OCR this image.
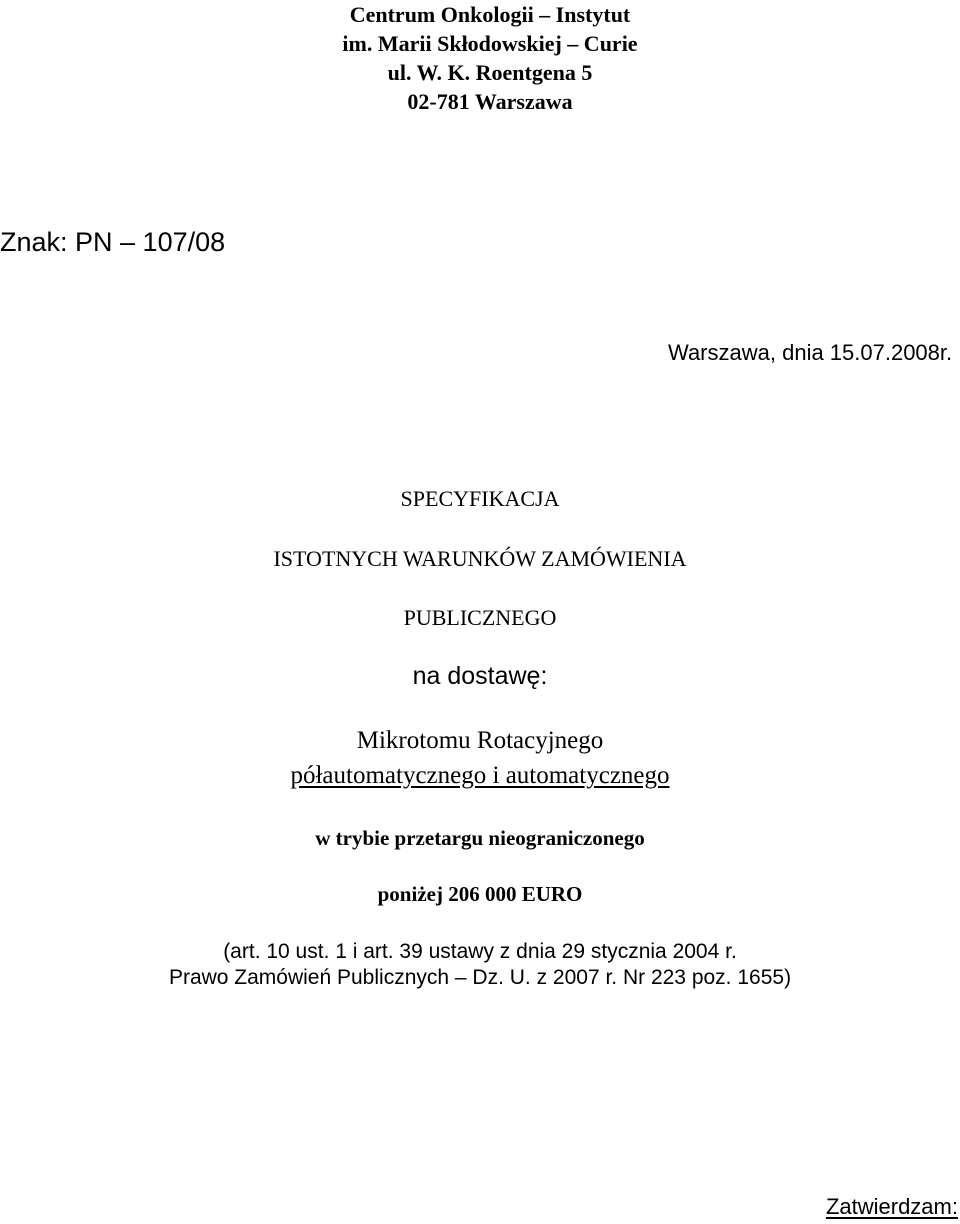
Centrum Onkologii – Instytut
im. Marii Skłodowskiej – Curie
ul. W. K. Roentgena 5
02-781 Warszawa
Znak: PN – 107/08
Warszawa, dnia 15.07.2008r.
SPECYFIKACJA
ISTOTNYCH WARUNKÓW ZAMÓWIENIA
PUBLICZNEGO
na dostawę:
Mikrotomu Rotacyjnego
półautomatycznego i automatycznego
w trybie przetargu nieograniczonego
poniżej 206 000 EURO
(art. 10 ust. 1 i art. 39 ustawy z dnia 29 stycznia 2004 r.
Prawo Zamówień Publicznych – Dz. U. z 2007 r. Nr 223 poz. 1655)
Zatwierdzam:
